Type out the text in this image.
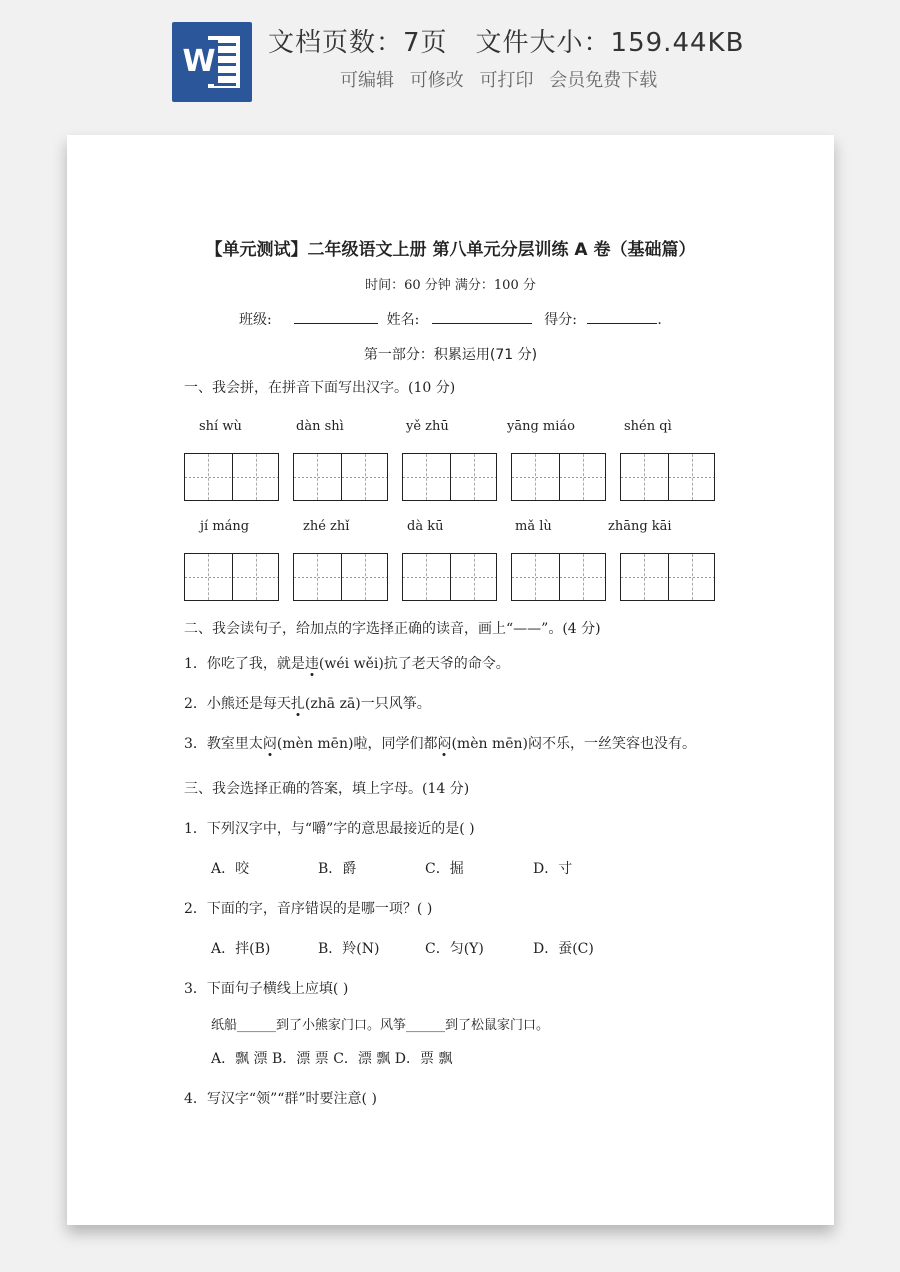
W
文档页数：7页 文件大小：159.44KB
可编辑 可修改 可打印 会员免费下载
【单元测试】二年级语文上册 第八单元分层训练 A 卷（基础篇）
时间：60 分钟 满分：100 分
班级:	姓名:	得分:	.
第一部分：积累运用(71 分)
一、我会拼，在拼音下面写出汉字。(10 分)
shí wù	dàn shì	yě zhū	yāng miáo	shén qì
jí máng	zhé zhǐ	dà kū	mǎ lù	zhāng kāi
二、我会读句子，给加点的字选择正确的读音，画上“——”。(4 分)
1．你吃了我，就是违(wéi wěi)抗了老天爷的命令。
2．小熊还是每天扎(zhā zā)一只风筝。
3．教室里太闷(mèn mēn)啦，同学们都闷(mèn mēn)闷不乐，一丝笑容也没有。
三、我会选择正确的答案，填上字母。(14 分)
1．下列汉字中，与“嚼”字的意思最接近的是( )
A．咬	B．爵	C．掘	D．寸
2．下面的字，音序错误的是哪一项？( )
A．拌(B)	B．羚(N)	C．匀(Y)	D．蚕(C)
3．下面句子横线上应填( )
纸船______到了小熊家门口。风筝______到了松鼠家门口。
A．飘 漂 B．漂 票 C．漂 飘 D．票 飘
4．写汉字“领”“群”时要注意( )
